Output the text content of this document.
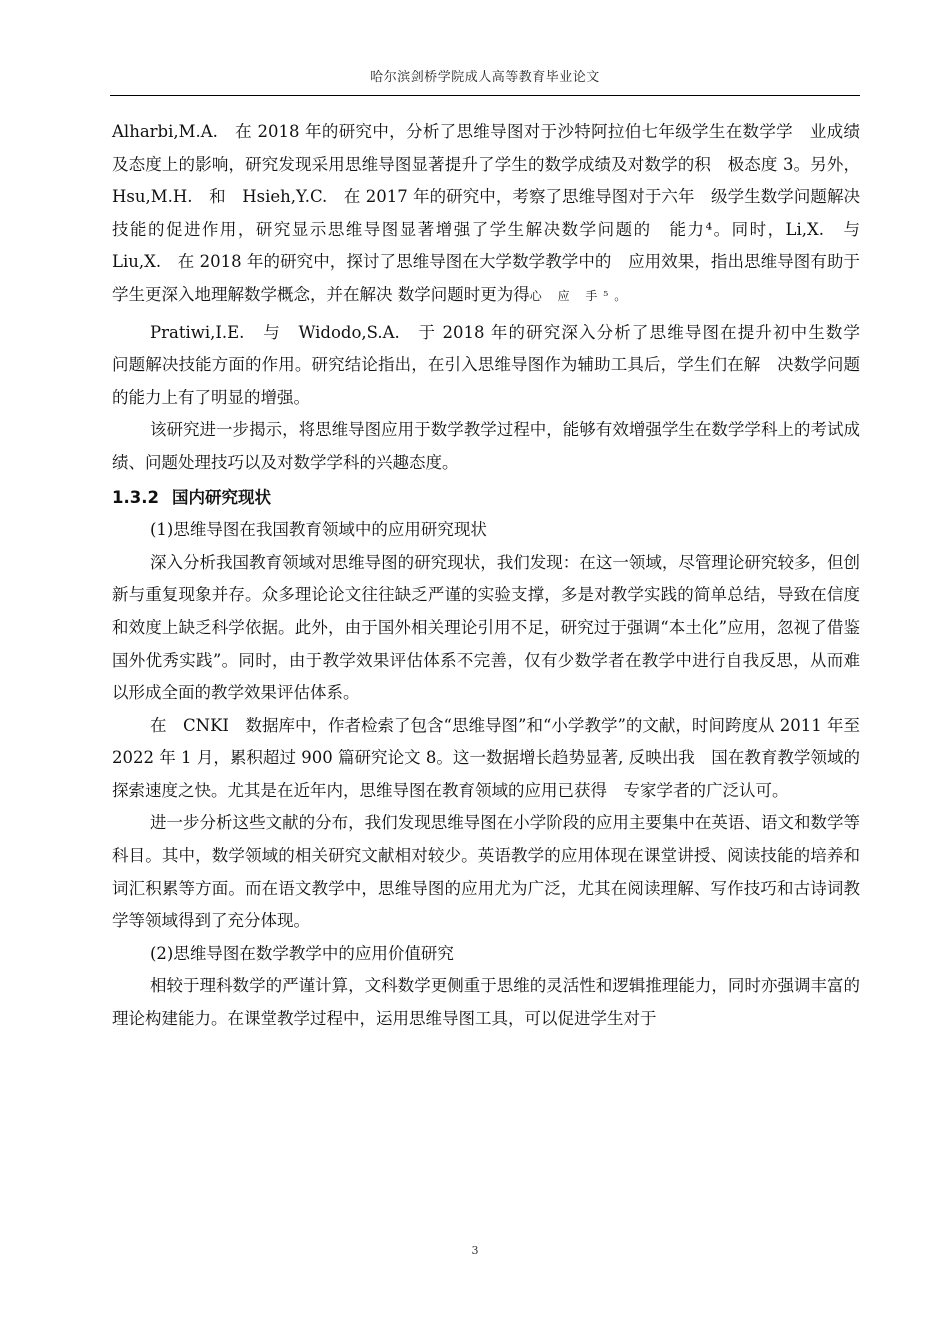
哈尔滨剑桥学院成人高等教育毕业论文

Alharbi,M.A.　在 2018 年的研究中，分析了思维导图对于沙特阿拉伯七年级学生在数学学　业成绩及态度上的影响，研究发现采用思维导图显著提升了学生的数学成绩及对数学的积　极态度 3。另外，Hsu,M.H.　和　Hsieh,Y.C.　在 2017 年的研究中，考察了思维导图对于六年　级学生数学问题解决技能的促进作用，研究显示思维导图显著增强了学生解决数学问题的　能力⁴。同时，Li,X.　与　Liu,X.　在 2018 年的研究中，探讨了思维导图在大学数学教学中的　应用效果，指出思维导图有助于学生更深入地理解数学概念，并在解决 数学问题时更为得心 应 手⁵。

Pratiwi,I.E.　与　Widodo,S.A.　于 2018 年的研究深入分析了思维导图在提升初中生数学　问题解决技能方面的作用。研究结论指出，在引入思维导图作为辅助工具后，学生们在解　决数学问题的能力上有了明显的增强。

该研究进一步揭示，将思维导图应用于数学教学过程中，能够有效增强学生在数学学科上的考试成绩、问题处理技巧以及对数学学科的兴趣态度。

1.3.2 国内研究现状

(1)思维导图在我国教育领域中的应用研究现状

深入分析我国教育领域对思维导图的研究现状，我们发现：在这一领域，尽管理论研究较多，但创新与重复现象并存。众多理论论文往往缺乏严谨的实验支撑，多是对教学实践的简单总结，导致在信度和效度上缺乏科学依据。此外，由于国外相关理论引用不足，研究过于强调“本土化”应用，忽视了借鉴国外优秀实践”。同时，由于教学效果评估体系不完善，仅有少数学者在教学中进行自我反思，从而难以形成全面的教学效果评估体系。

在　CNKI　数据库中，作者检索了包含“思维导图”和“小学教学”的文献，时间跨度从 2011 年至 2022 年 1 月，累积超过 900 篇研究论文 8。这一数据增长趋势显著, 反映出我　国在教育教学领域的探索速度之快。尤其是在近年内，思维导图在教育领域的应用已获得　专家学者的广泛认可。

进一步分析这些文献的分布，我们发现思维导图在小学阶段的应用主要集中在英语、语文和数学等科目。其中，数学领域的相关研究文献相对较少。英语教学的应用体现在课堂讲授、阅读技能的培养和词汇积累等方面。而在语文教学中，思维导图的应用尤为广泛，尤其在阅读理解、写作技巧和古诗词教学等领域得到了充分体现。

(2)思维导图在数学教学中的应用价值研究

相较于理科数学的严谨计算，文科数学更侧重于思维的灵活性和逻辑推理能力，同时亦强调丰富的理论构建能力。在课堂教学过程中，运用思维导图工具，可以促进学生对于

3
